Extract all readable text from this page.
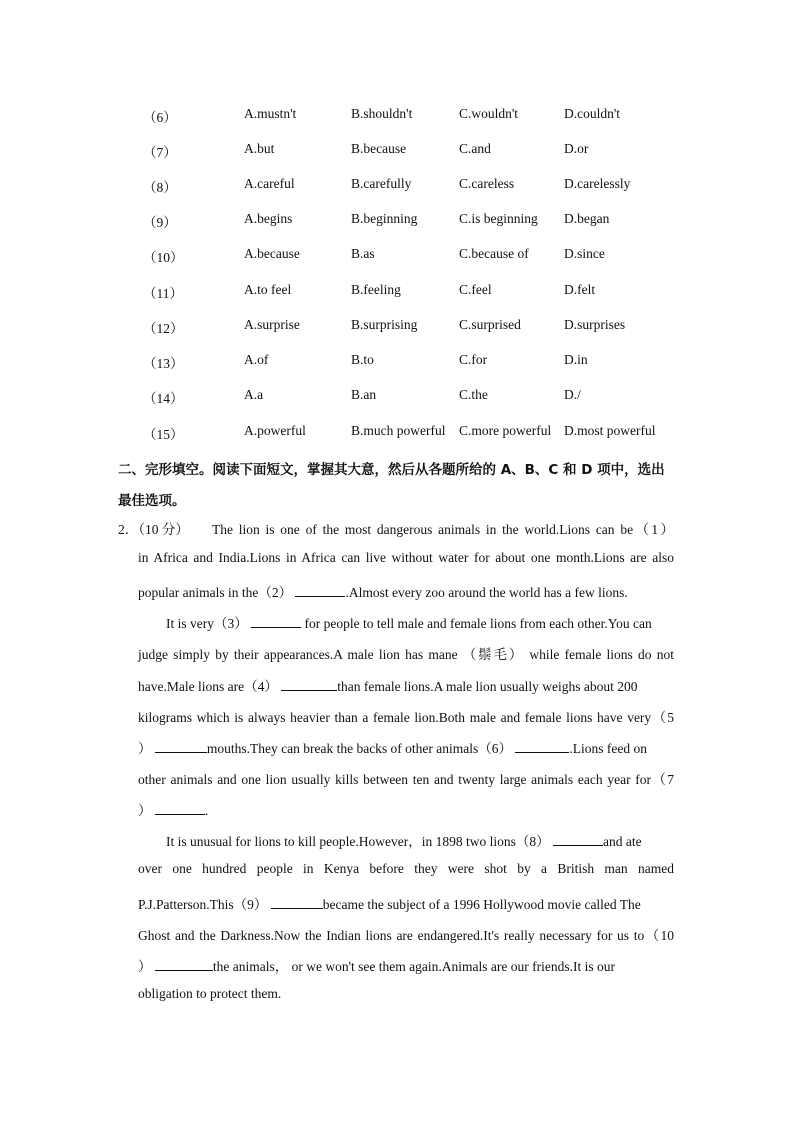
（6）	A.mustn't	B.shouldn't	C.wouldn't	D.couldn't
（7）	A.but	B.because	C.and	D.or
（8）	A.careful	B.carefully	C.careless	D.carelessly
（9）	A.begins	B.beginning	C.is beginning D.began
（10）	A.because	B.as	C.because of	D.since
（11）	A.to feel	B.feeling	C.feel	D.felt
（12）	A.surprise	B.surprising	C.surprised	D.surprises
（13）	A.of	B.to	C.for	D.in
（14）	A.a	B.an	C.the	D./
（15）	A.powerful	B.much powerful C.more powerful D.most powerful
二、完形填空。阅读下面短文，掌握其大意，然后从各题所给的 A、B、C 和 D 项中，选出最佳选项。
2．（10 分） The lion is one of the most dangerous animals in the world.Lions can be（1）
in Africa and India.Lions in Africa can live without water for about one month.Lions are also
popular animals in the（2）	.Almost every zoo around the world has a few lions.
It is very（3）	for people to tell male and female lions from each other.You can
judge simply by their appearances.A male lion has mane （鬃毛） while female lions do not
have.Male lions are（4）	than female lions.A male lion usually weighs about 200
kilograms which is always heavier than a female lion.Both male and female lions have very（5
）	mouths.They can break the backs of other animals（6）	.Lions feed on
other animals and one lion usually kills between ten and twenty large animals each year for（7
）	.
It is unusual for lions to kill people.However，in 1898 two lions（8）	and ate
over one hundred people in Kenya before they were shot by a British man named
P.J.Patterson.This（9）	became the subject of a 1996 Hollywood movie called The
Ghost and the Darkness.Now the Indian lions are endangered.It's really necessary for us to（10
）	the animals， or we won't see them again.Animals are our friends.It is our
obligation to protect them.
